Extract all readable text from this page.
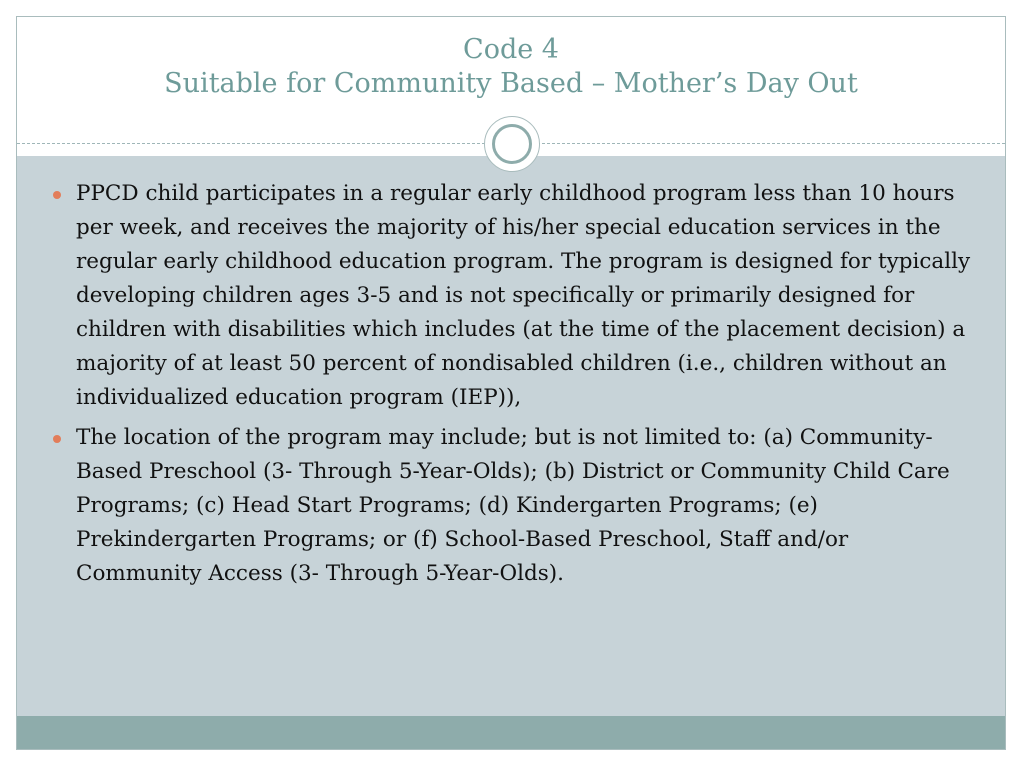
Code 4
Suitable for Community Based – Mother’s Day Out
PPCD child participates in a regular early childhood program less than 10 hours per week, and receives the majority of his/her special education services in the regular early childhood education program. The program is designed for typically developing children ages 3-5 and is not specifically or primarily designed for children with disabilities which includes (at the time of the placement decision) a majority of at least 50 percent of nondisabled children (i.e., children without an individualized education program (IEP)),
The location of the program may include; but is not limited to: (a) Community-Based Preschool (3- Through 5-Year-Olds); (b) District or Community Child Care Programs; (c) Head Start Programs; (d) Kindergarten Programs; (e) Prekindergarten Programs; or (f) School-Based Preschool, Staff and/or Community Access (3- Through 5-Year-Olds).
